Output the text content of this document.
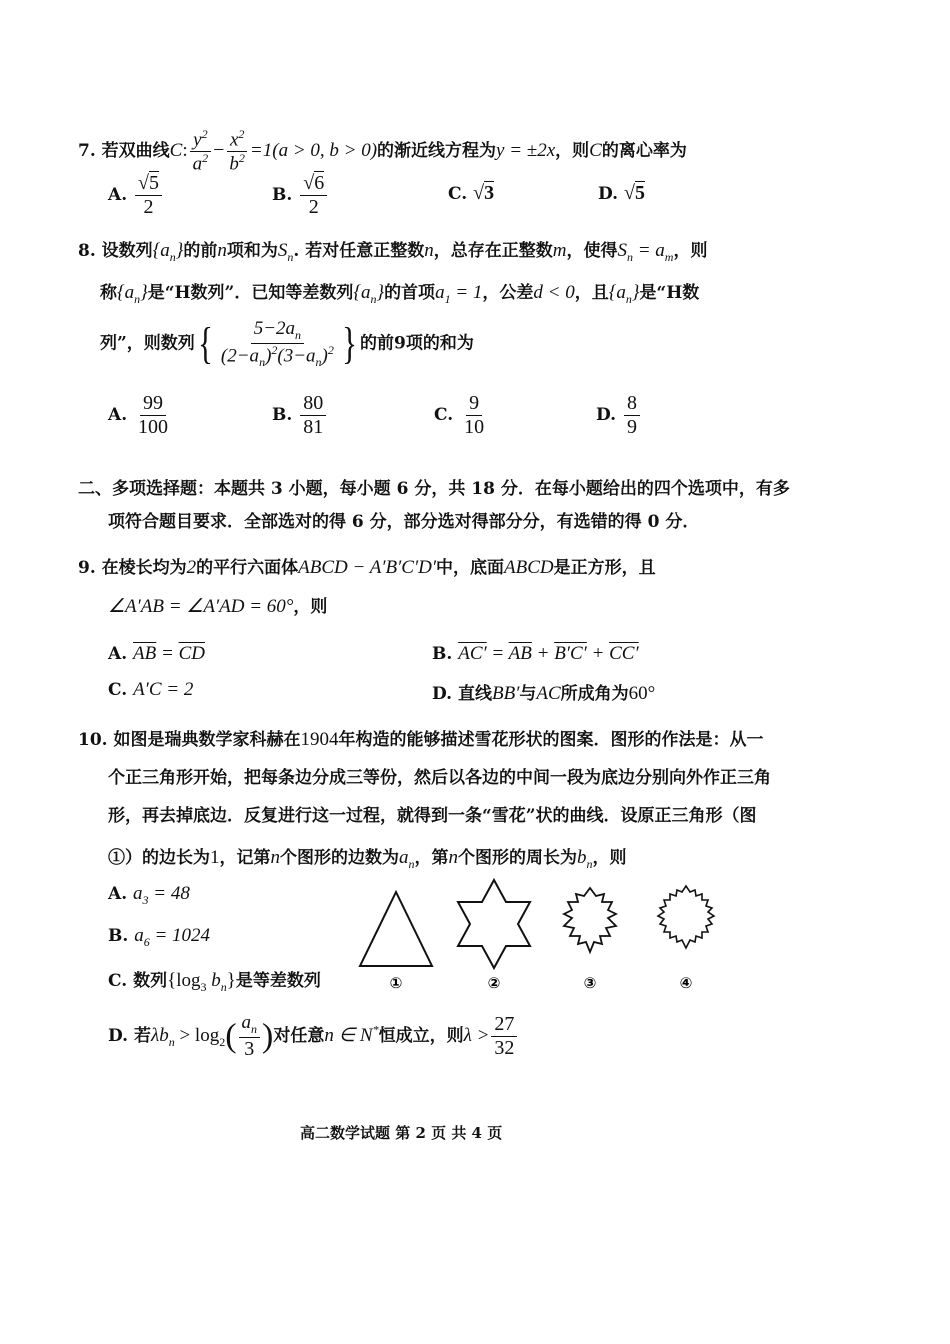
7. 若双曲线C: $\frac{y^2}{a^2} - \frac{x^2}{b^2} =1(a > 0$, b > 0)的渐近线方程为y = ±2x，则C的离心率为
A. $\frac{√5}{2}$	B. $\frac{√6}{2}$	C. √3	D. √5
8. 设数列$\{a_n\}$的前n项和为$S_n$. 若对任意正整数n，总存在正整数m，使得$S_n = a_m$，则
称$\{a_n\}$是“H数列”．已知等差数列$\{a_n\}$的首项$a_1 = 1$，公差d < 0，且$\{a_n\}$是“H数
列”，则数列{ $\frac{5-2a_n}{(2-a_n)^2(3-a_n)^2}$ } 的前9项的和为
A. $\frac{99}{100}$	B. $\frac{80}{81}$	C. $\frac{9}{10}$	D. $\frac{8}{9}$
二、多项选择题：本题共 3 小题，每小题 6 分，共 18 分．在每小题给出的四个选项中，有多
项符合题目要求．全部选对的得 6 分，部分选对得部分分，有选错的得 0 分．
9. 在棱长均为2的平行六面体ABCD − A′B′C′D′中，底面ABCD是正方形，且
∠A′AB = ∠A′AD = 60°，则
A. $\overline{AB} = \overline{CD}$	B. $AC' = \overline{AB} + B'C' + CC'$
C. A′C = 2	D. 直线BB′与AC所成角为60°
10. 如图是瑞典数学家科赫在1904年构造的能够描述雪花形状的图案．图形的作法是：从一
个正三角形开始，把每条边分成三等份，然后以各边的中间一段为底边分别向外作正三角
形，再去掉底边．反复进行这一过程，就得到一条“雪花”状的曲线．设原正三角形（图
①）的边长为1，记第n个图形的边数为$a_n$，第n个图形的周长为$b_n$，则
A. $a_3 = 48$
B. $a_6 = 1024$
C. 数列{$\log_3$ $b_n$}是等差数列
D. 若$\lambda b_n > \log_2( \frac{a_n}{3}$ )对任意n ∈ N*恒成立，则$\lambda > \frac{27}{32}$
①	②	③	④
高二数学试题 第 2 页 共 4 页
